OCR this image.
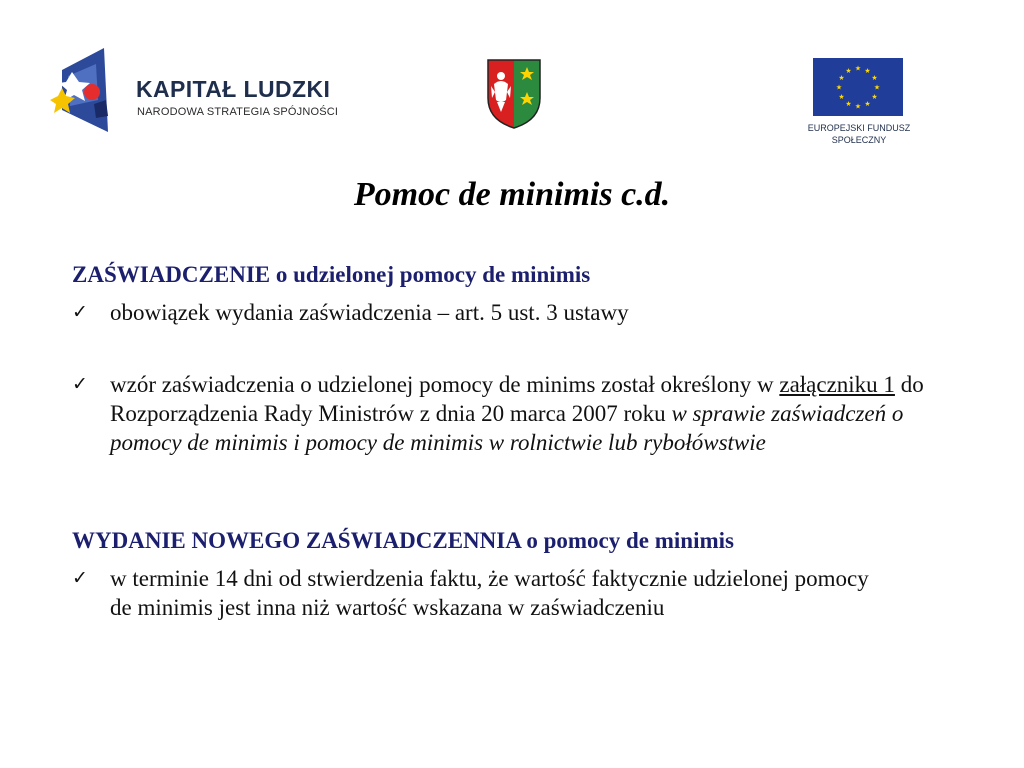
KAPITAŁ LUDZKI
NARODOWA STRATEGIA SPÓJNOŚCI
★
★
★
★
★
★
★
★
★ ★ ★
★
EUROPEJSKI FUNDUSZ
SPOŁECZNY
Pomoc de minimis c.d.
ZAŚWIADCZENIE o udzielonej pomocy de minimis
✓ obowiązek wydania zaświadczenia – art. 5 ust. 3 ustawy
✓ wzór zaświadczenia o udzielonej pomocy de minims został określony w załączniku 1 do Rozporządzenia Rady Ministrów z dnia 20 marca 2007 roku w sprawie zaświadczeń o pomocy de minimis i pomocy de minimis w rolnictwie lub rybołówstwie
WYDANIE NOWEGO ZAŚWIADCZENNIA o pomocy de minimis
✓ w terminie 14 dni od stwierdzenia faktu, że wartość faktycznie udzielonej pomocy de minimis jest inna niż wartość wskazana w zaświadczeniu
